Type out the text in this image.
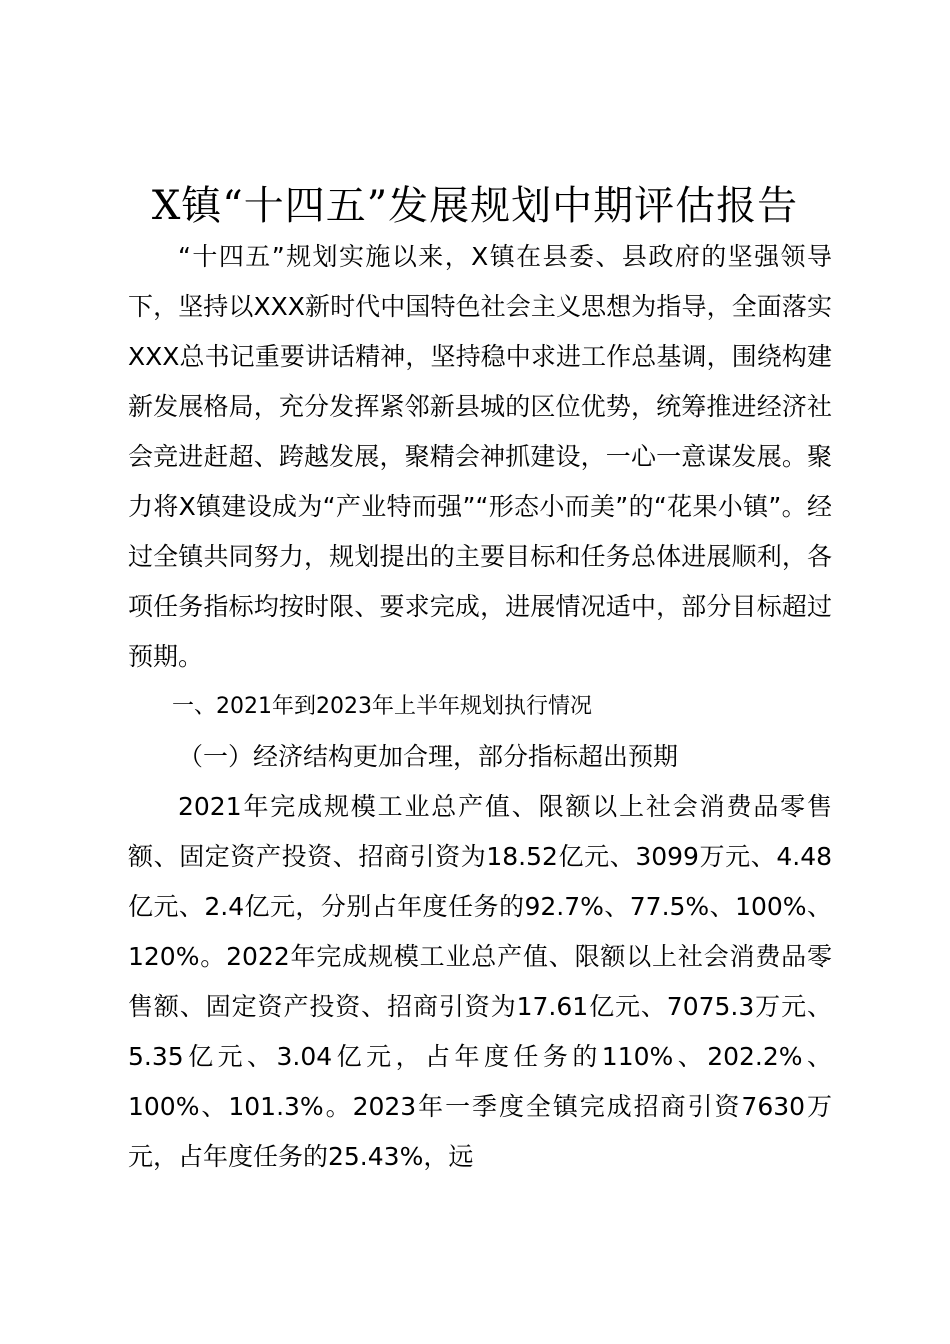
X镇“十四五”发展规划中期评估报告

“十四五”规划实施以来，X镇在县委、县政府的坚强领导下，坚持以XXX新时代中国特色社会主义思想为指导，全面落实XXX总书记重要讲话精神，坚持稳中求进工作总基调，围绕构建新发展格局，充分发挥紧邻新县城的区位优势，统筹推进经济社会竞进赶超、跨越发展，聚精会神抓建设，一心一意谋发展。聚力将X镇建设成为“产业特而强”“形态小而美”的“花果小镇”。经过全镇共同努力，规划提出的主要目标和任务总体进展顺利，各项任务指标均按时限、要求完成，进展情况适中，部分目标超过预期。

一、2021年到2023年上半年规划执行情况

（一）经济结构更加合理，部分指标超出预期

2021年完成规模工业总产值、限额以上社会消费品零售额、固定资产投资、招商引资为18.52亿元、3099万元、4.48亿元、2.4亿元，分别占年度任务的92.7%、77.5%、100%、120%。2022年完成规模工业总产值、限额以上社会消费品零售额、固定资产投资、招商引资为17.61亿元、7075.3万元、5.35亿元、3.04亿元，占年度任务的110%、202.2%、100%、101.3%。2023年一季度全镇完成招商引资7630万元，占年度任务的25.43%，远
